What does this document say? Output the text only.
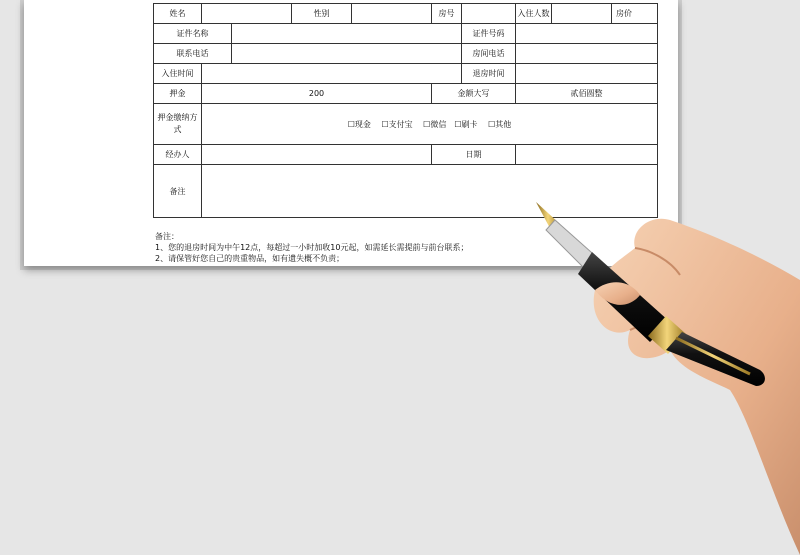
姓名			性别		房号		入住人数		房价
证件名称						证件号码			
联系电话						房间电话			
入住时间						退房时间			
押金	200				金额大写		贰佰圆整		
押金缴纳方式	☐现金　 ☐支付宝　 ☐微信　☐刷卡　 ☐其他								
经办人					日期				
备注									
备注：
1、您的退房时间为中午12点，每超过一小时加收10元起，如需延长需提前与前台联系；
2、请保管好您自己的贵重物品，如有遗失概不负责；
